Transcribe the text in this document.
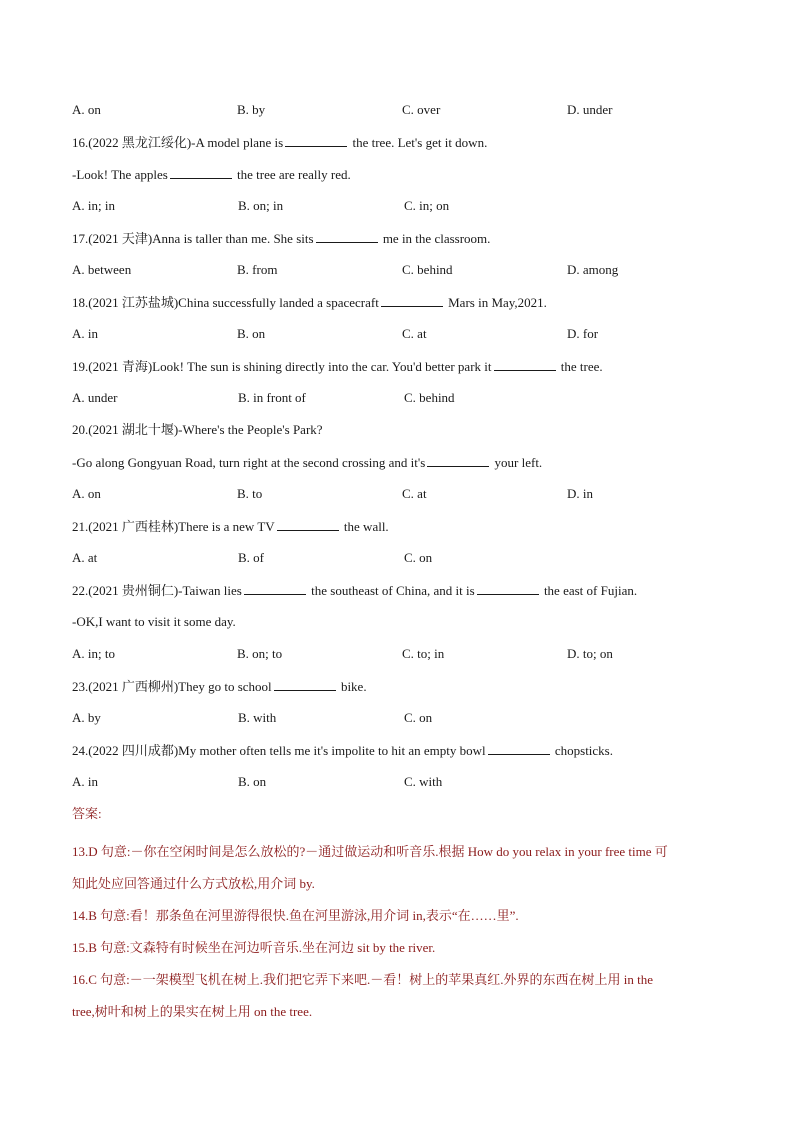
A. on	B. by	C. over	D. under
16.(2022 黑龙江绥化)-A model plane is	the tree. Let's get it down.
-Look! The apples	the tree are really red.
A. in; in	B. on; in	C. in; on
17.(2021 天津)Anna is taller than me. She sits	me in the classroom.
A. between	B. from	C. behind	D. among
18.(2021 江苏盐城)China successfully landed a spacecraft	Mars in May,2021.
A. in	B. on	C. at	D. for
19.(2021 青海)Look! The sun is shining directly into the car. You'd better park it	the tree.
A. under	B. in front of	C. behind
20.(2021 湖北十堰)-Where's the People's Park?
-Go along Gongyuan Road, turn right at the second crossing and it's	your left.
A. on	B. to	C. at	D. in
21.(2021 广西桂林)There is a new TV	the wall.
A. at	B. of	C. on
22.(2021 贵州铜仁)-Taiwan lies	the southeast of China, and it is	the east of Fujian.
-OK,I want to visit it some day.
A. in; to	B. on; to	C. to; in	D. to; on
23.(2021 广西柳州)They go to school	bike.
A. by	B. with	C. on
24.(2022 四川成都)My mother often tells me it's impolite to hit an empty bowl	chopsticks.
A. in	B. on	C. with
答案:
13.D 句意:－你在空闲时间是怎么放松的?－通过做运动和听音乐.根据 How do you relax in your free time 可
知此处应回答通过什么方式放松,用介词 by.
14.B 句意:看！那条鱼在河里游得很快.鱼在河里游泳,用介词 in,表示“在……里”.
15.B 句意:文森特有时候坐在河边听音乐.坐在河边 sit by the river.
16.C 句意:－一架模型飞机在树上.我们把它弄下来吧.－看！树上的苹果真红.外界的东西在树上用 in the
tree,树叶和树上的果实在树上用 on the tree.
